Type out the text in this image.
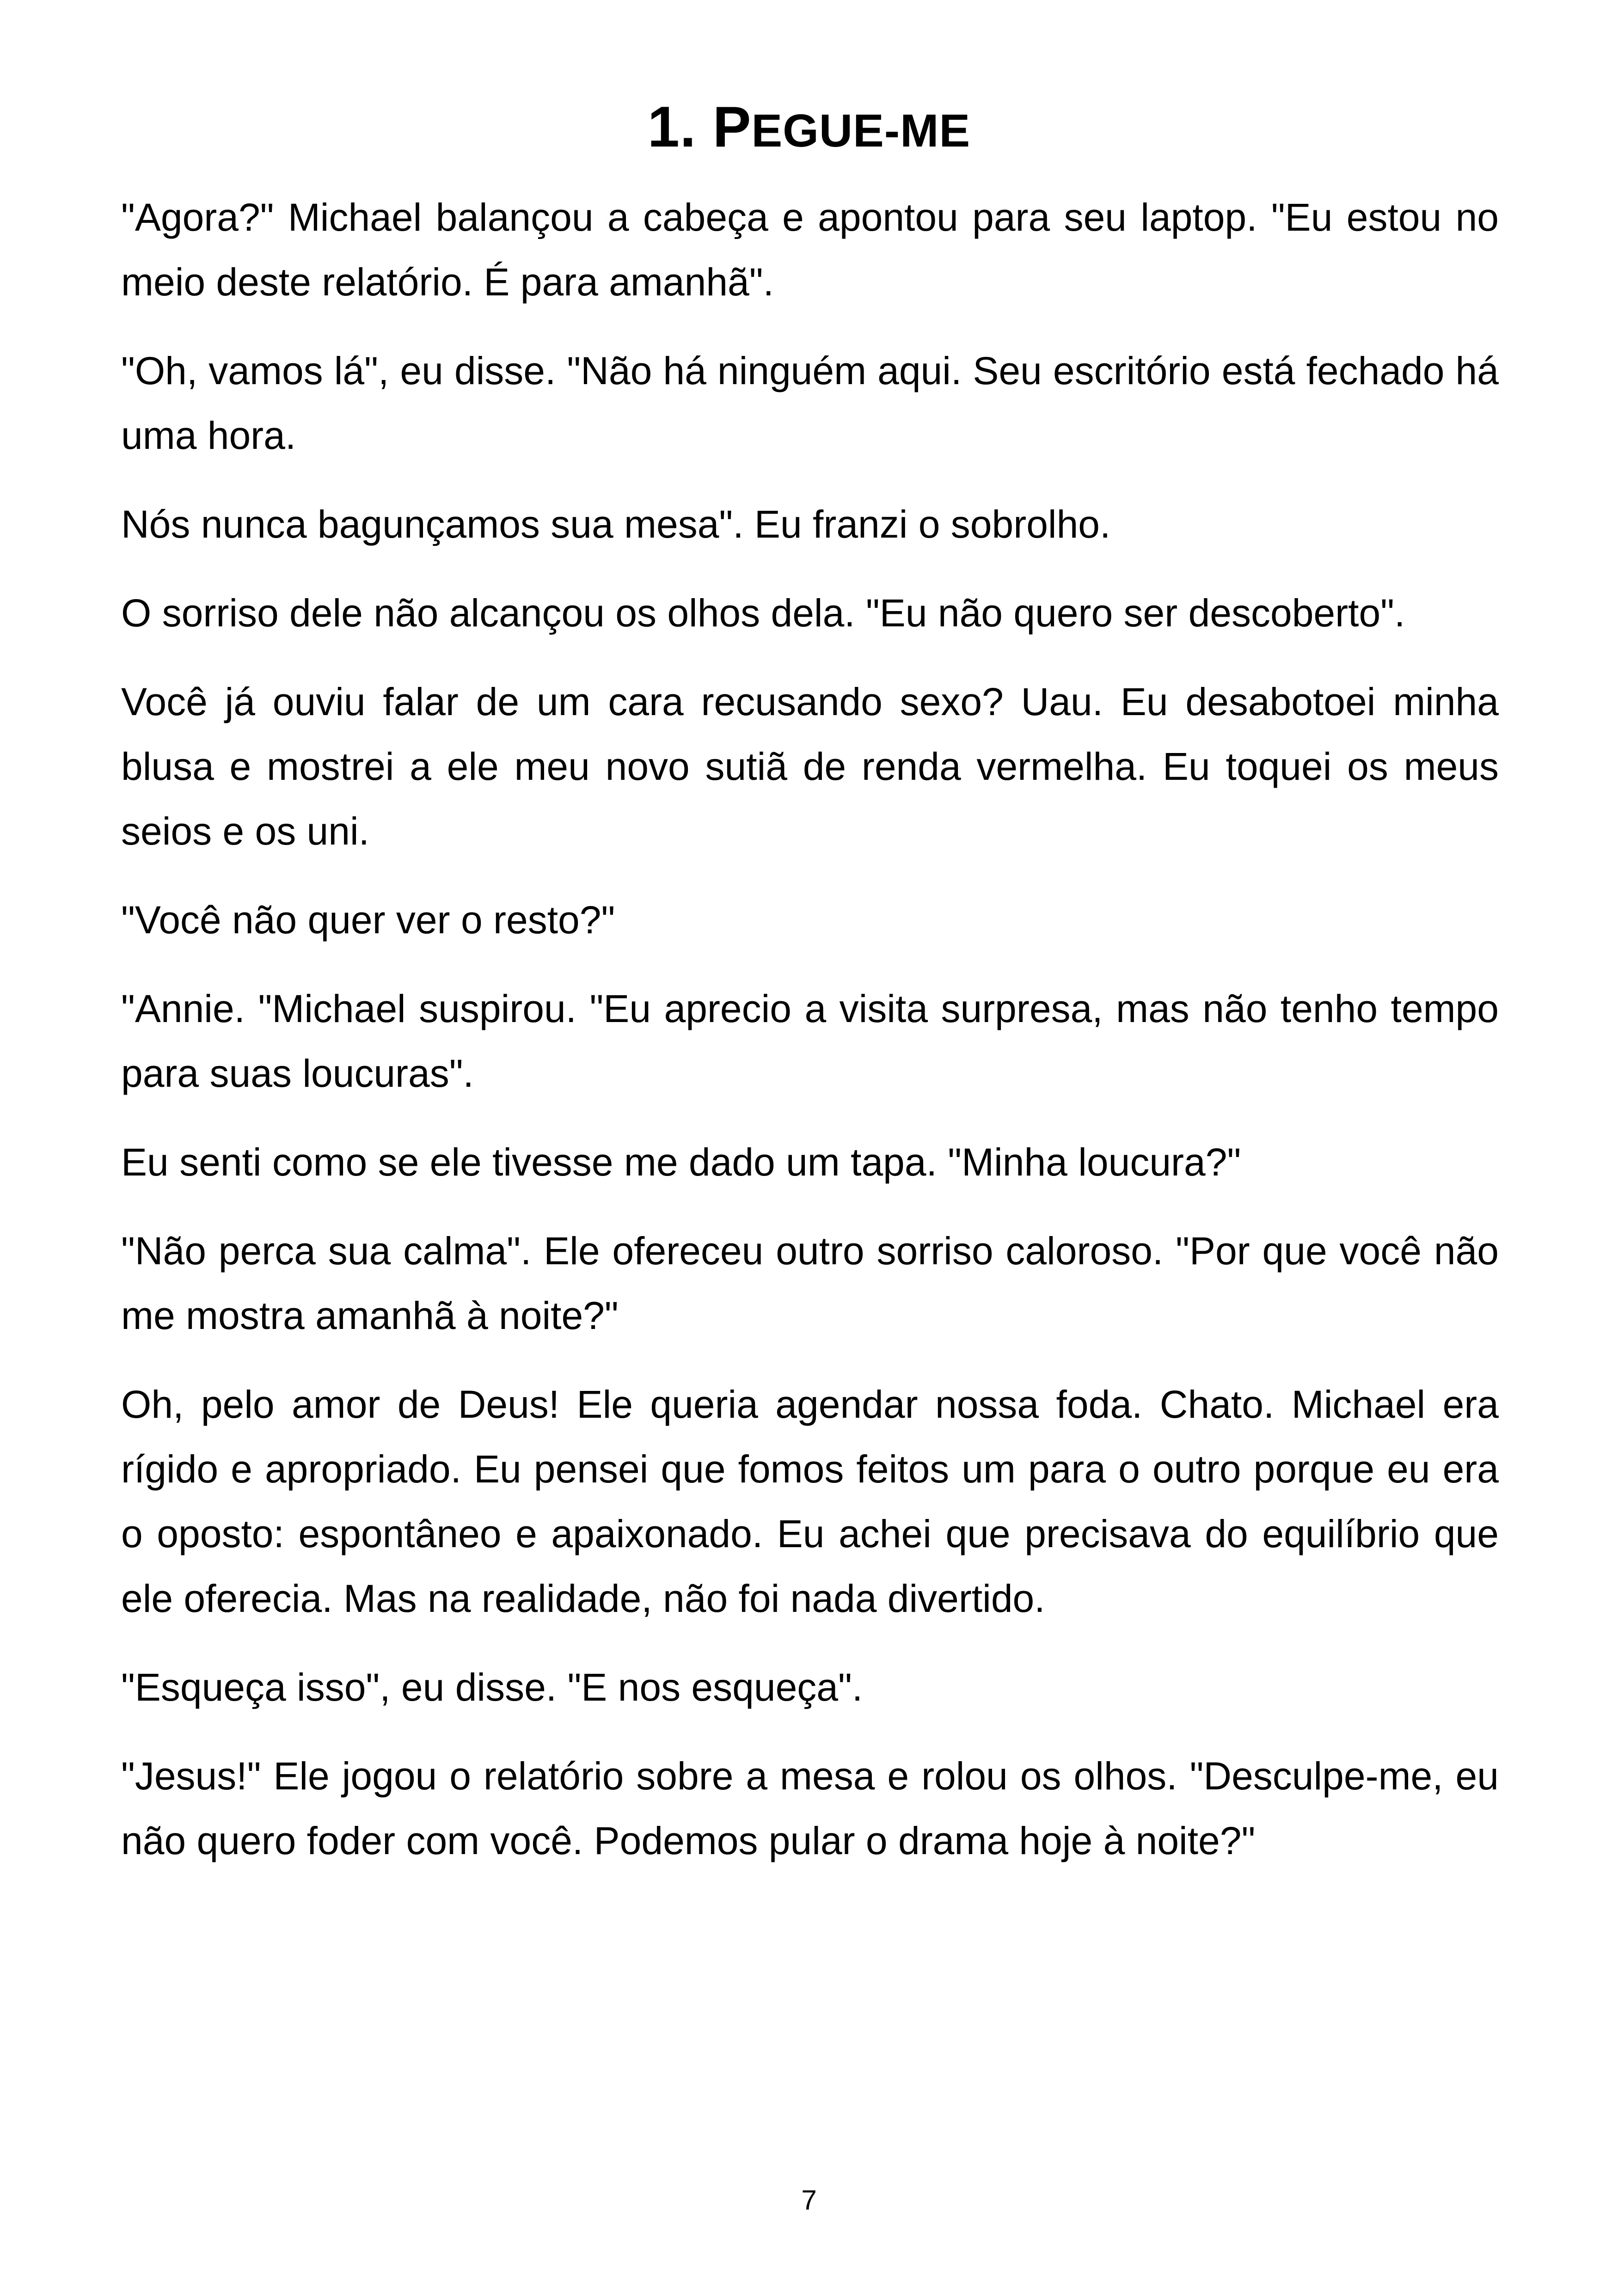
1. PEGUE-ME

"Agora?" Michael balançou a cabeça e apontou para seu laptop. "Eu estou no meio deste relatório. É para amanhã".

"Oh, vamos lá", eu disse. "Não há ninguém aqui. Seu escritório está fechado há uma hora.

Nós nunca bagunçamos sua mesa". Eu franzi o sobrolho.

O sorriso dele não alcançou os olhos dela. "Eu não quero ser descoberto".

Você já ouviu falar de um cara recusando sexo? Uau. Eu desabotoei minha blusa e mostrei a ele meu novo sutiã de renda vermelha. Eu toquei os meus seios e os uni.

"Você não quer ver o resto?"

"Annie. "Michael suspirou. "Eu aprecio a visita surpresa, mas não tenho tempo para suas loucuras".

Eu senti como se ele tivesse me dado um tapa. "Minha loucura?"

"Não perca sua calma". Ele ofereceu outro sorriso caloroso. "Por que você não me mostra amanhã à noite?"

Oh, pelo amor de Deus! Ele queria agendar nossa foda. Chato. Michael era rígido e apropriado. Eu pensei que fomos feitos um para o outro porque eu era o oposto: espontâneo e apaixonado. Eu achei que precisava do equilíbrio que ele oferecia. Mas na realidade, não foi nada divertido.

"Esqueça isso", eu disse. "E nos esqueça".

"Jesus!" Ele jogou o relatório sobre a mesa e rolou os olhos. "Desculpe-me, eu não quero foder com você. Podemos pular o drama hoje à noite?"

7
